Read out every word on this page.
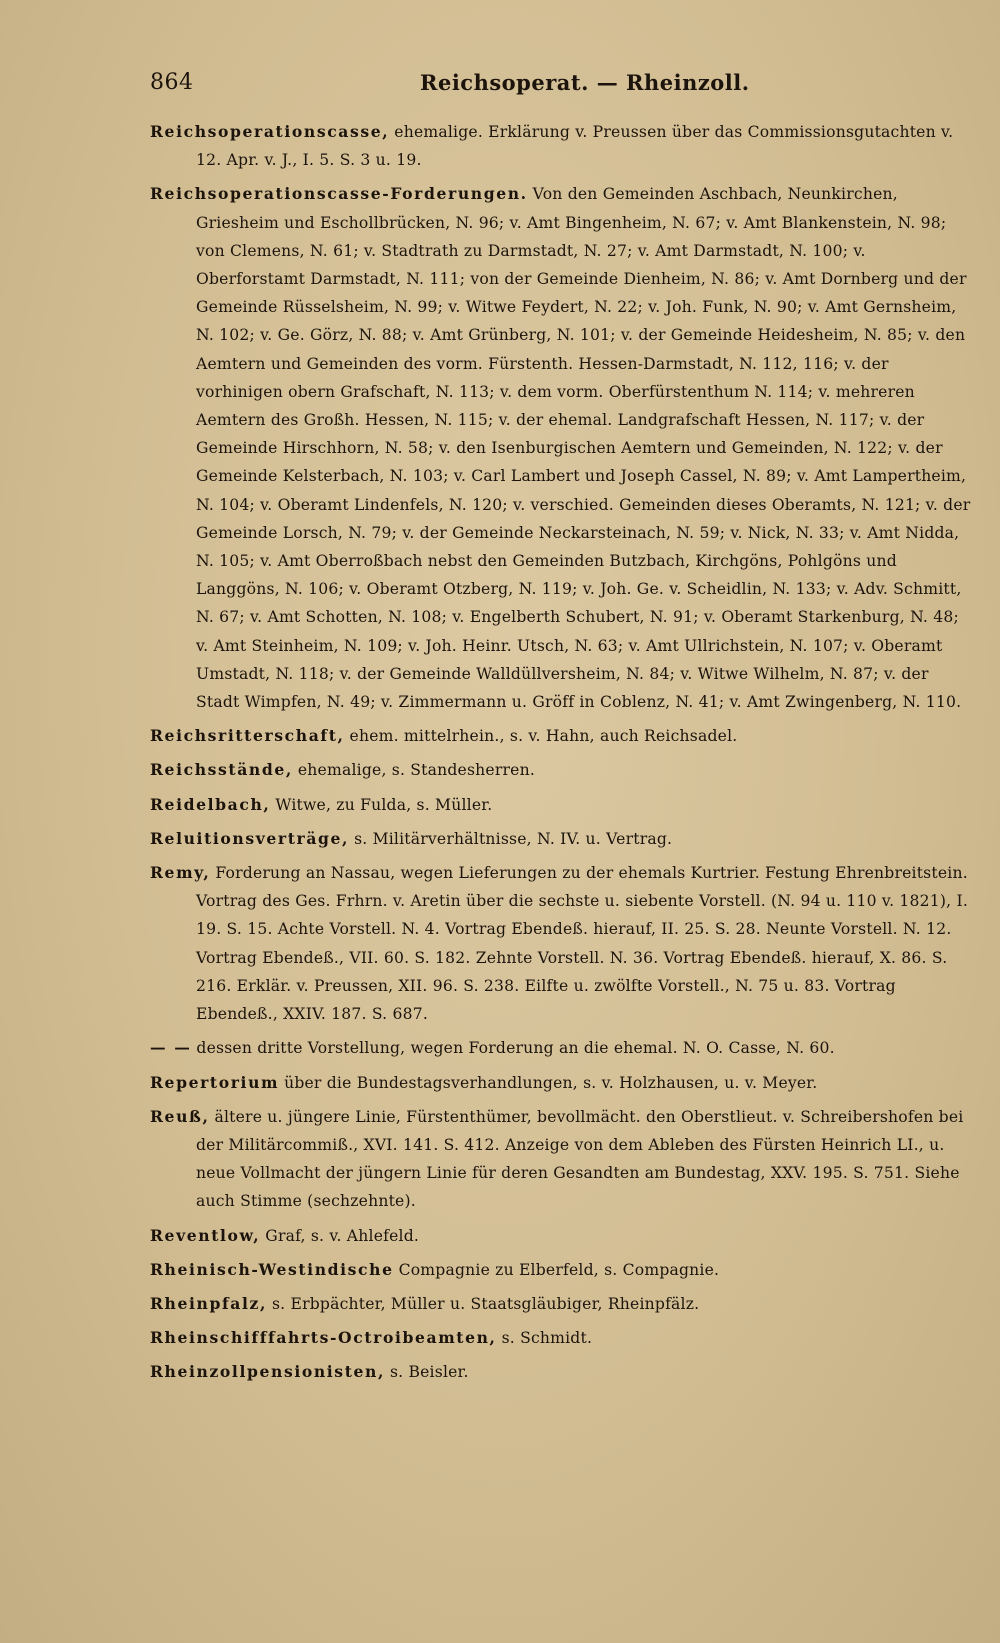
864	Reichsoperat. — Rheinzoll.

Reichsoperationscasse, ehemalige. Erklärung v. Preussen über das Commissionsgutachten v. 12. Apr. v. J., I. 5. S. 3 u. 19.

Reichsoperationscasse-Forderungen. Von den Gemeinden Aschbach, Neunkirchen, Griesheim und Eschollbrücken, N. 96; v. Amt Bingenheim, N. 67; v. Amt Blankenstein, N. 98; von Clemens, N. 61; v. Stadtrath zu Darmstadt, N. 27; v. Amt Darmstadt, N. 100; v. Oberforstamt Darmstadt, N. 111; von der Gemeinde Dienheim, N. 86; v. Amt Dornberg und der Gemeinde Rüsselsheim, N. 99; v. Witwe Feydert, N. 22; v. Joh. Funk, N. 90; v. Amt Gernsheim, N. 102; v. Ge. Görz, N. 88; v. Amt Grünberg, N. 101; v. der Gemeinde Heidesheim, N. 85; v. den Aemtern und Gemeinden des vorm. Fürstenth. Hessen-Darmstadt, N. 112, 116; v. der vorhinigen obern Grafschaft, N. 113; v. dem vorm. Oberfürstenthum N. 114; v. mehreren Aemtern des Großh. Hessen, N. 115; v. der ehemal. Landgrafschaft Hessen, N. 117; v. der Gemeinde Hirschhorn, N. 58; v. den Isenburgischen Aemtern und Gemeinden, N. 122; v. der Gemeinde Kelsterbach, N. 103; v. Carl Lambert und Joseph Cassel, N. 89; v. Amt Lampertheim, N. 104; v. Oberamt Lindenfels, N. 120; v. verschied. Gemeinden dieses Oberamts, N. 121; v. der Gemeinde Lorsch, N. 79; v. der Gemeinde Neckarsteinach, N. 59; v. Nick, N. 33; v. Amt Nidda, N. 105; v. Amt Oberroßbach nebst den Gemeinden Butzbach, Kirchgöns, Pohlgöns und Langgöns, N. 106; v. Oberamt Otzberg, N. 119; v. Joh. Ge. v. Scheidlin, N. 133; v. Adv. Schmitt, N. 67; v. Amt Schotten, N. 108; v. Engelberth Schubert, N. 91; v. Oberamt Starkenburg, N. 48; v. Amt Steinheim, N. 109; v. Joh. Heinr. Utsch, N. 63; v. Amt Ullrichstein, N. 107; v. Oberamt Umstadt, N. 118; v. der Gemeinde Walldüllversheim, N. 84; v. Witwe Wilhelm, N. 87; v. der Stadt Wimpfen, N. 49; v. Zimmermann u. Gröff in Coblenz, N. 41; v. Amt Zwingenberg, N. 110.

Reichsritterschaft, ehem. mittelrhein., s. v. Hahn, auch Reichsadel.

Reichsstände, ehemalige, s. Standesherren.

Reidelbach, Witwe, zu Fulda, s. Müller.

Reluitionsverträge, s. Militärverhältnisse, N. IV. u. Vertrag.

Remy, Forderung an Nassau, wegen Lieferungen zu der ehemals Kurtrier. Festung Ehrenbreitstein. Vortrag des Ges. Frhrn. v. Aretin über die sechste u. siebente Vorstell. (N. 94 u. 110 v. 1821), I. 19. S. 15. Achte Vorstell. N. 4. Vortrag Ebendeß. hierauf, II. 25. S. 28. Neunte Vorstell. N. 12. Vortrag Ebendeß., VII. 60. S. 182. Zehnte Vorstell. N. 36. Vortrag Ebendeß. hierauf, X. 86. S. 216. Erklär. v. Preussen, XII. 96. S. 238. Eilfte u. zwölfte Vorstell., N. 75 u. 83. Vortrag Ebendeß., XXIV. 187. S. 687.

— — dessen dritte Vorstellung, wegen Forderung an die ehemal. N. O. Casse, N. 60.

Repertorium über die Bundestagsverhandlungen, s. v. Holzhausen, u. v. Meyer.

Reuß, ältere u. jüngere Linie, Fürstenthümer, bevollmächt. den Oberstlieut. v. Schreibershofen bei der Militärcommiß., XVI. 141. S. 412. Anzeige von dem Ableben des Fürsten Heinrich LI., u. neue Vollmacht der jüngern Linie für deren Gesandten am Bundestag, XXV. 195. S. 751. Siehe auch Stimme (sechzehnte).

Reventlow, Graf, s. v. Ahlefeld.

Rheinisch-Westindische Compagnie zu Elberfeld, s. Compagnie.

Rheinpfalz, s. Erbpächter, Müller u. Staatsgläubiger, Rheinpfälz.

Rheinschifffahrts-Octroibeamten, s. Schmidt.

Rheinzollpensionisten, s. Beisler.
